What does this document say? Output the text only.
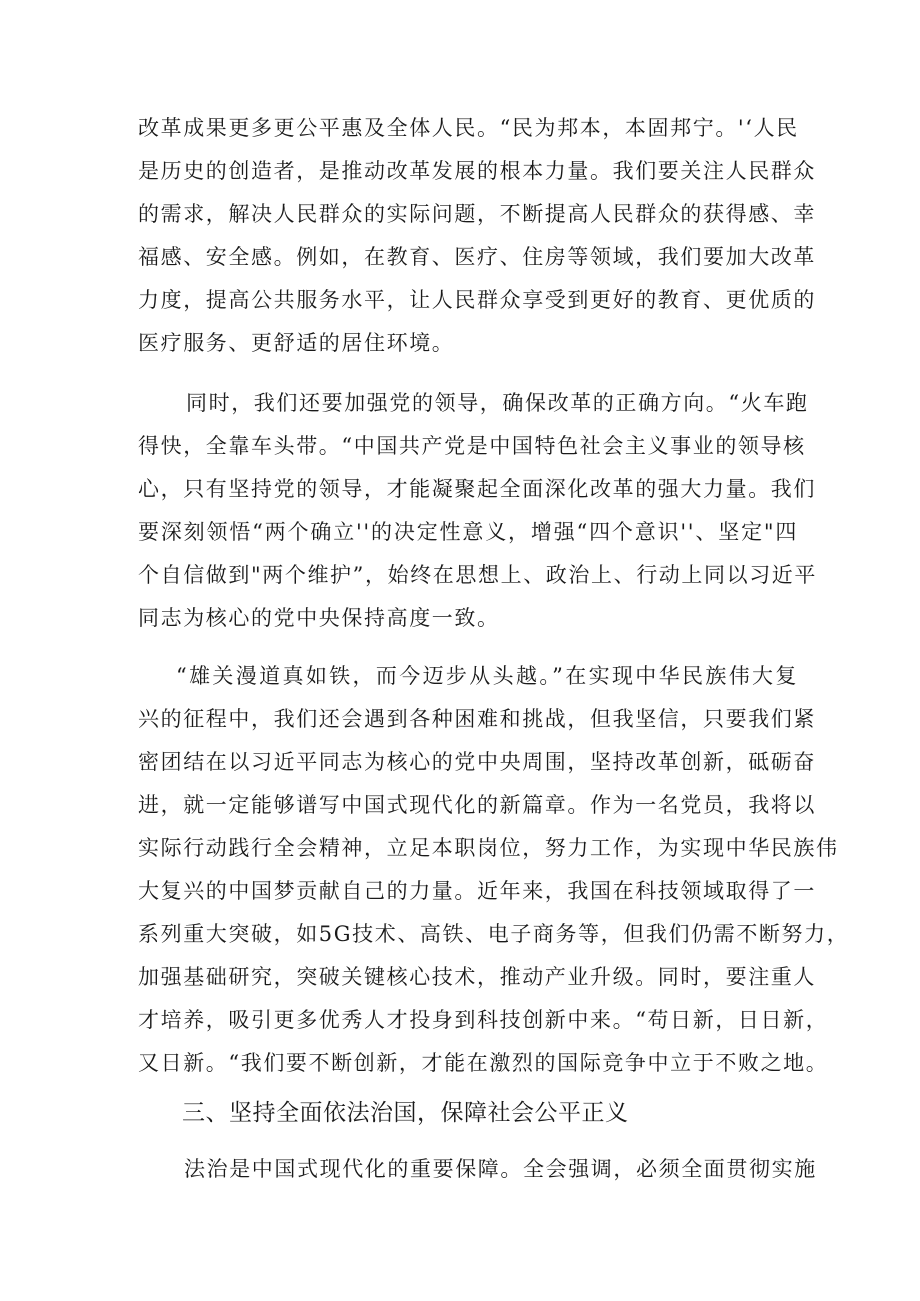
改革成果更多更公平惠及全体人民。“民为邦本，本固邦宁。'‘人民
是历史的创造者，是推动改革发展的根本力量。我们要关注人民群众
的需求，解决人民群众的实际问题，不断提高人民群众的获得感、幸
福感、安全感。例如，在教育、医疗、住房等领域，我们要加大改革
力度，提高公共服务水平，让人民群众享受到更好的教育、更优质的
医疗服务、更舒适的居住环境。
同时，我们还要加强党的领导，确保改革的正确方向。“火车跑
得快，全靠车头带。“中国共产党是中国特色社会主义事业的领导核
心，只有坚持党的领导，才能凝聚起全面深化改革的强大力量。我们
要深刻领悟“两个确立''的决定性意义，增强“四个意识''、坚定"四
个自信做到"两个维护”，始终在思想上、政治上、行动上同以习近平
同志为核心的党中央保持高度一致。
“雄关漫道真如铁，而今迈步从头越。”在实现中华民族伟大复
兴的征程中，我们还会遇到各种困难和挑战，但我坚信，只要我们紧
密团结在以习近平同志为核心的党中央周围，坚持改革创新，砥砺奋
进，就一定能够谱写中国式现代化的新篇章。作为一名党员，我将以
实际行动践行全会精神，立足本职岗位，努力工作，为实现中华民族伟
大复兴的中国梦贡献自己的力量。近年来，我国在科技领域取得了一
系列重大突破，如5G技术、高铁、电子商务等，但我们仍需不断努力，
加强基础研究，突破关键核心技术，推动产业升级。同时，要注重人
才培养，吸引更多优秀人才投身到科技创新中来。“苟日新，日日新，
又日新。“我们要不断创新，才能在激烈的国际竞争中立于不败之地。
三、坚持全面依法治国，保障社会公平正义
法治是中国式现代化的重要保障。全会强调，必须全面贯彻实施
